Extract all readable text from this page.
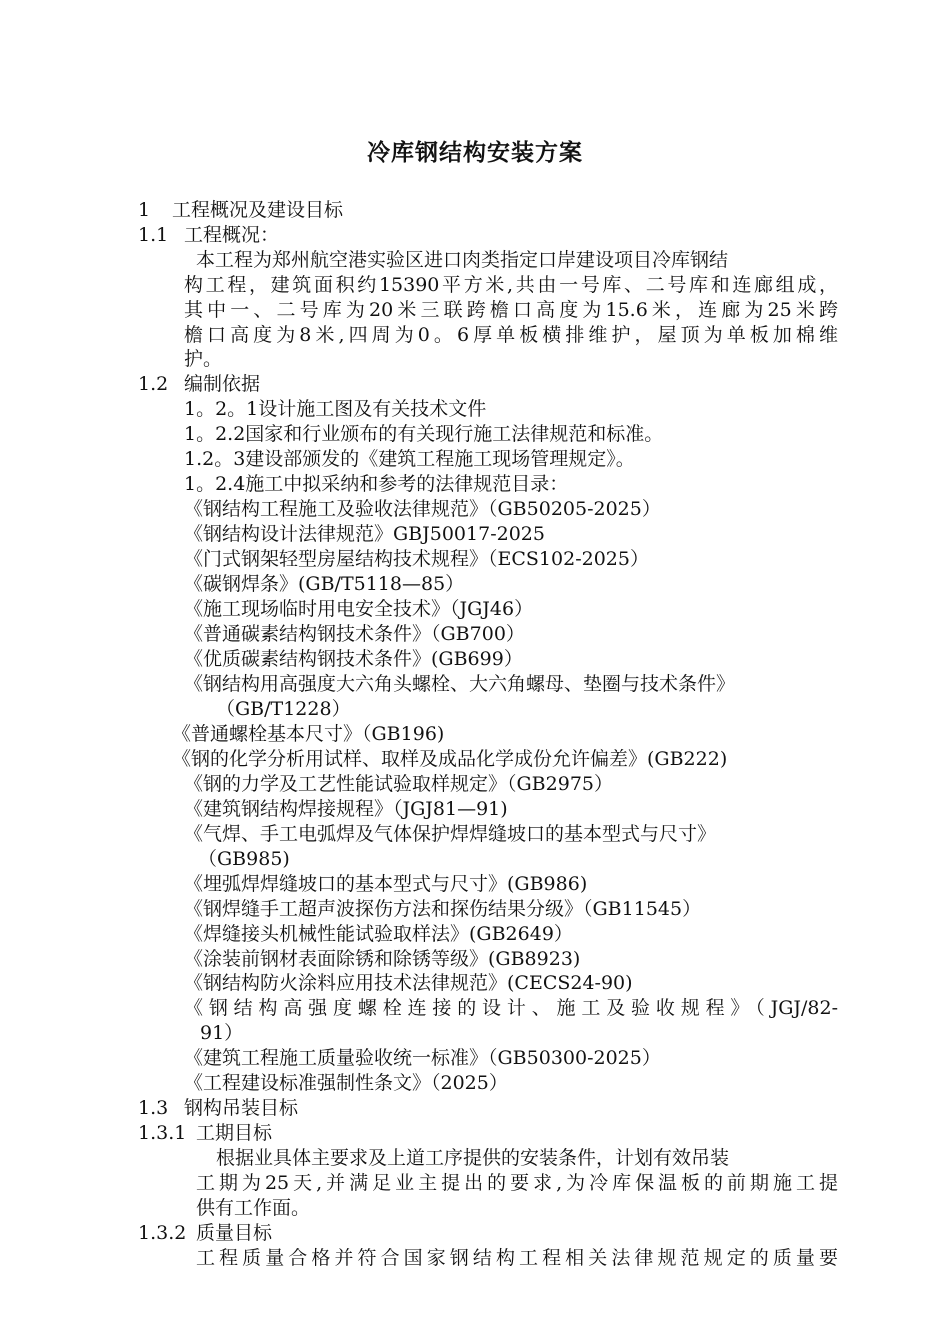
冷库钢结构安装方案
1 工程概况及建设目标
1.1 工程概况：
本工程为郑州航空港实验区进口肉类指定口岸建设项目冷库钢结
构工程，建筑面积约15390平方米,共由一号库、二号库和连廊组成，
其中一、二号库为20米三联跨檐口高度为15.6米，连廊为25米跨
檐口高度为8米,四周为0。6厚单板横排维护，屋顶为单板加棉维
护。
1.2 编制依据
1。2。1设计施工图及有关技术文件
1。2.2国家和行业颁布的有关现行施工法律规范和标准。
1.2。3建设部颁发的《建筑工程施工现场管理规定》。
1。2.4施工中拟采纳和参考的法律规范目录：
《钢结构工程施工及验收法律规范》（GB50205-2025）
《钢结构设计法律规范》GBJ50017-2025
《门式钢架轻型房屋结构技术规程》（ECS102-2025）
《碳钢焊条》(GB/T5118—85）
《施工现场临时用电安全技术》（JGJ46）
《普通碳素结构钢技术条件》（GB700）
《优质碳素结构钢技术条件》(GB699）
《钢结构用高强度大六角头螺栓、大六角螺母、垫圈与技术条件》
（GB/T1228）
《普通螺栓基本尺寸》（GB196)
《钢的化学分析用试样、取样及成品化学成份允许偏差》(GB222)
《钢的力学及工艺性能试验取样规定》（GB2975）
《建筑钢结构焊接规程》（JGJ81—91)
《气焊、手工电弧焊及气体保护焊焊缝坡口的基本型式与尺寸》
（GB985)
《埋弧焊焊缝坡口的基本型式与尺寸》(GB986)
《钢焊缝手工超声波探伤方法和探伤结果分级》（GB11545）
《焊缝接头机械性能试验取样法》(GB2649）
《涂装前钢材表面除锈和除锈等级》(GB8923)
《钢结构防火涂料应用技术法律规范》(CECS24-90)
《钢结构高强度螺栓连接的设计、施工及验收规程》（JGJ/82-
91）
《建筑工程施工质量验收统一标准》（GB50300-2025）
《工程建设标准强制性条文》（2025）
1.3 钢构吊装目标
1.3.1 工期目标
根据业具体主要求及上道工序提供的安装条件，计划有效吊装
工期为25天,并满足业主提出的要求,为冷库保温板的前期施工提
供有工作面。
1.3.2 质量目标
工程质量合格并符合国家钢结构工程相关法律规范规定的质量要
